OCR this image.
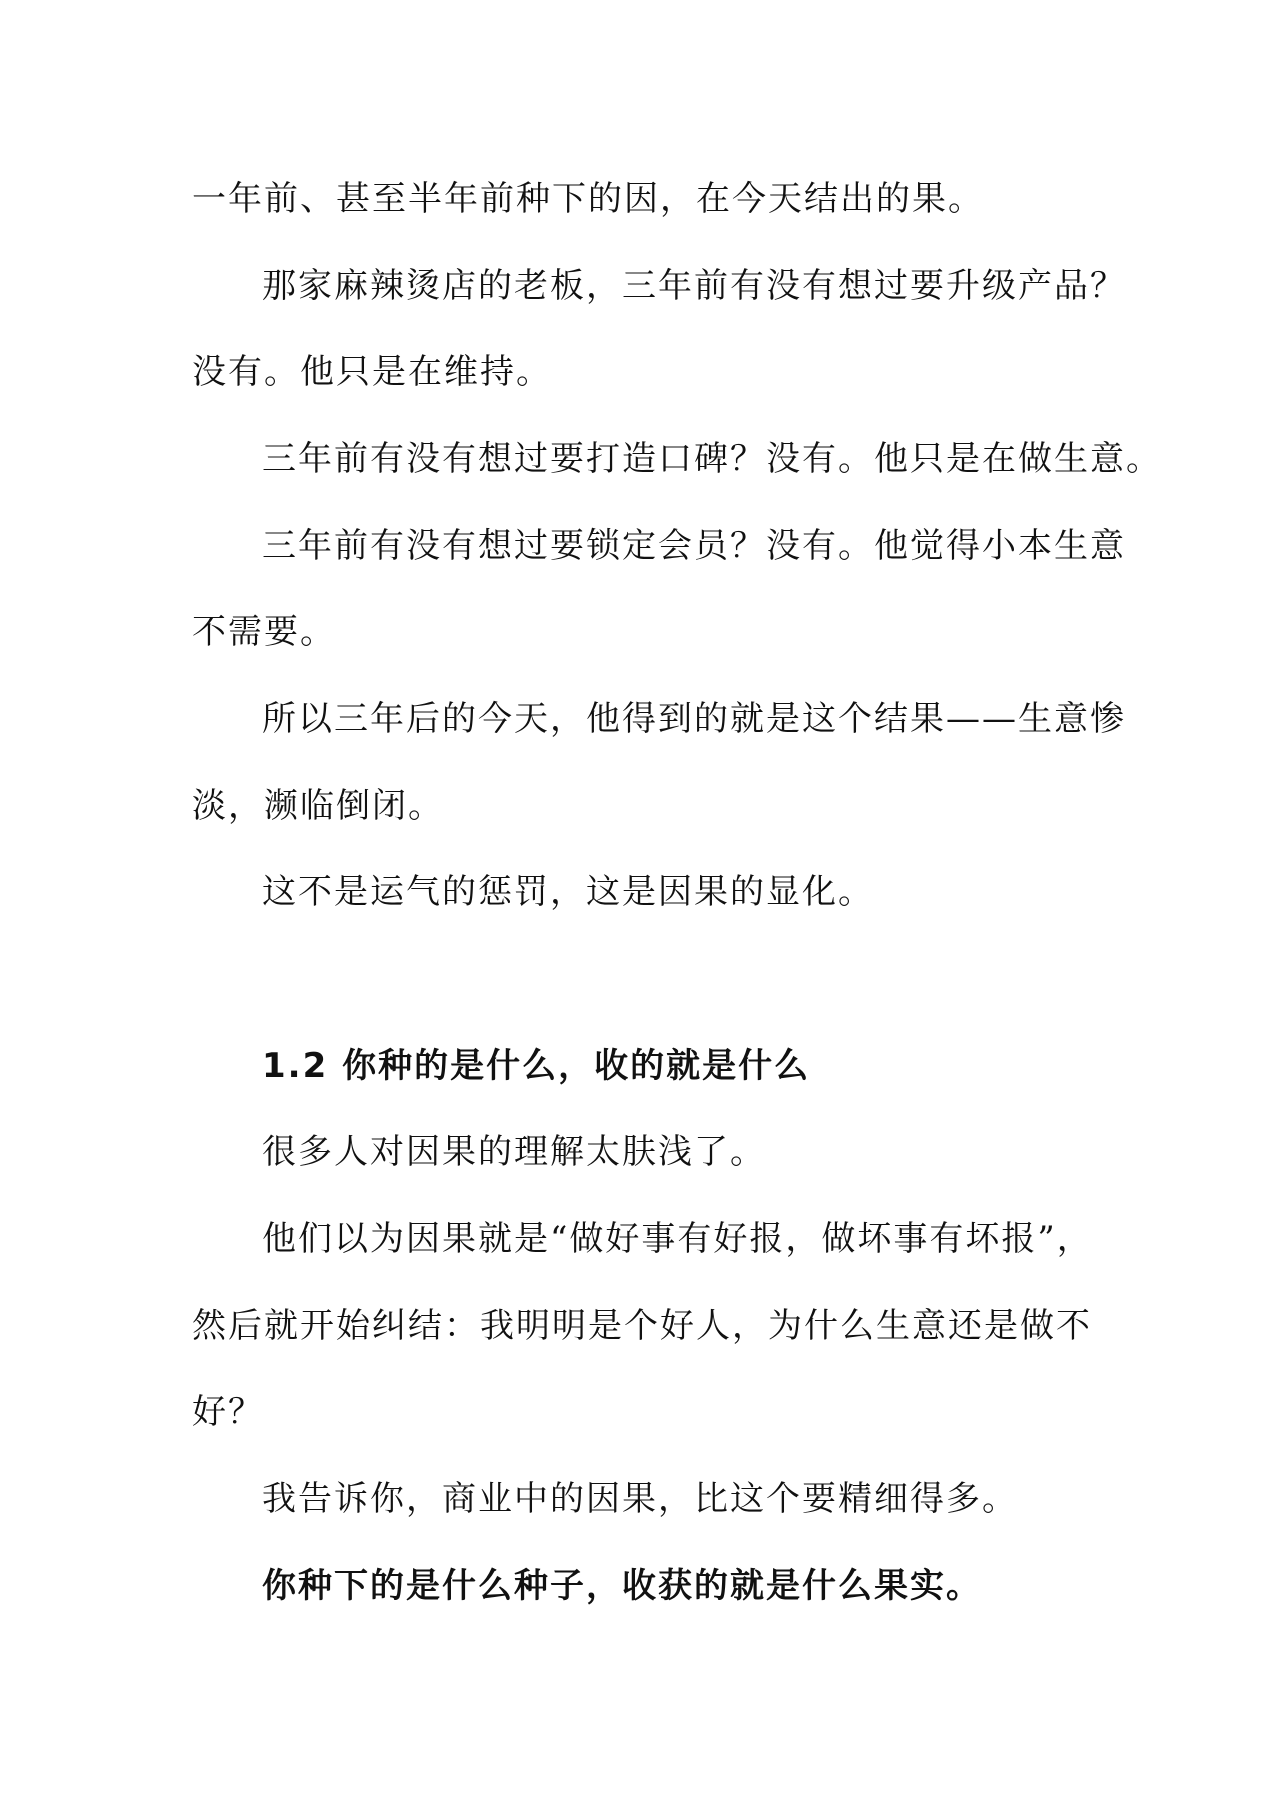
一年前、甚至半年前种下的因，在今天结出的果。
那家麻辣烫店的老板，三年前有没有想过要升级产品？
没有。他只是在维持。
三年前有没有想过要打造口碑？没有。他只是在做生意。
三年前有没有想过要锁定会员？没有。他觉得小本生意
不需要。
所以三年后的今天，他得到的就是这个结果——生意惨
淡，濒临倒闭。
这不是运气的惩罚，这是因果的显化。
1.2 你种的是什么，收的就是什么
很多人对因果的理解太肤浅了。
他们以为因果就是“做好事有好报，做坏事有坏报”，
然后就开始纠结：我明明是个好人，为什么生意还是做不
好？
我告诉你，商业中的因果，比这个要精细得多。
你种下的是什么种子，收获的就是什么果实。
